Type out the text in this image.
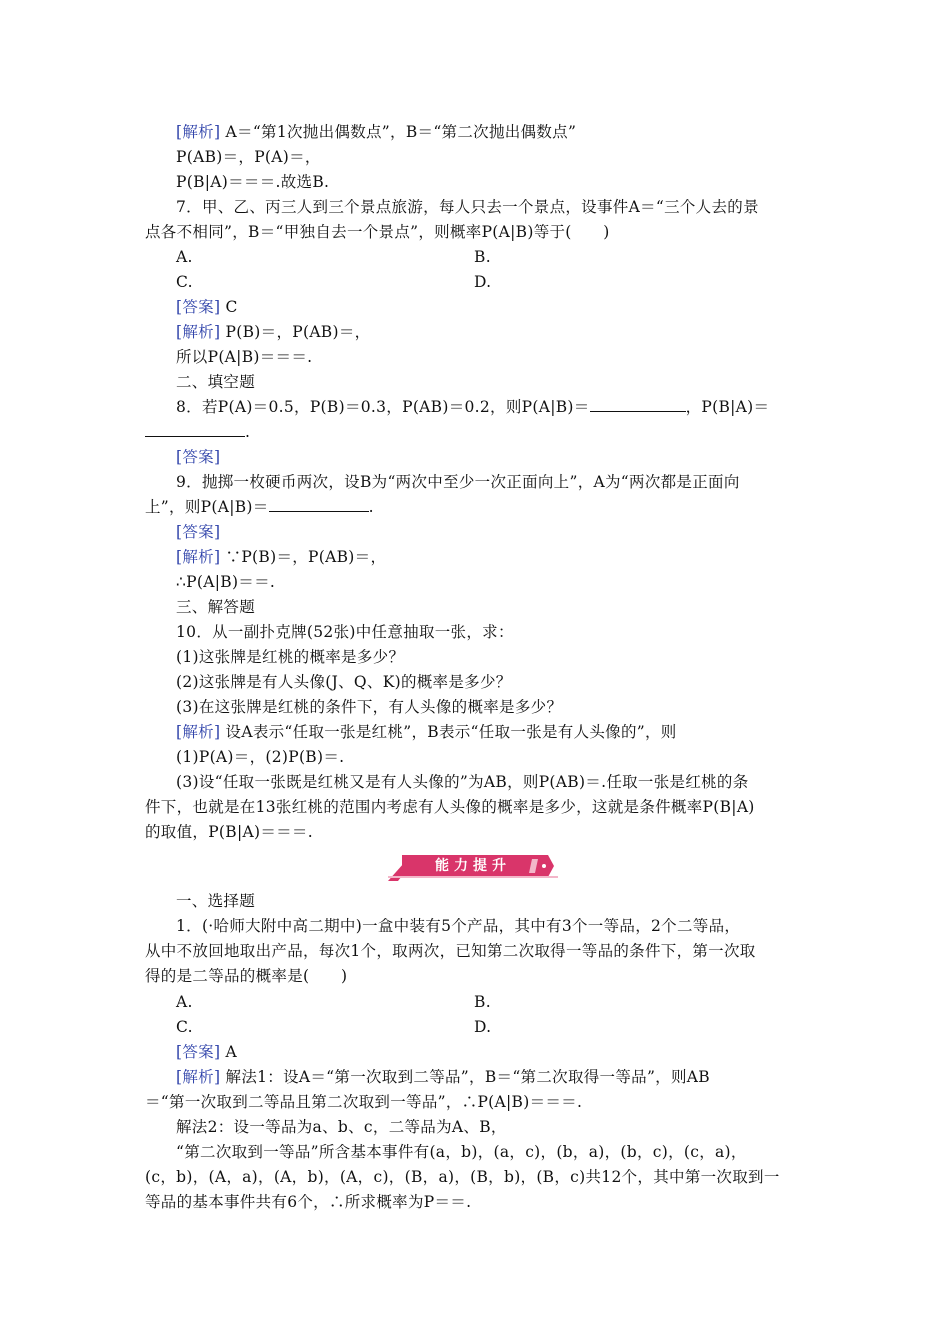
[解析] A＝“第1次抛出偶数点”，B＝“第二次抛出偶数点”
P(AB)＝，P(A)＝，
P(B|A)＝＝＝.故选B.
7．甲、乙、丙三人到三个景点旅游，每人只去一个景点，设事件A＝“三个人去的景
点各不相同”，B＝“甲独自去一个景点”，则概率P(A|B)等于(　　)
A.	B.
C.	D.
[答案] C
[解析] P(B)＝，P(AB)＝，
所以P(A|B)＝＝＝.
二、填空题
8．若P(A)＝0.5，P(B)＝0.3，P(AB)＝0.2，则P(A|B)＝	，P(B|A)＝
.
[答案]
9．抛掷一枚硬币两次，设B为“两次中至少一次正面向上”，A为“两次都是正面向
上”，则P(A|B)＝	.
[答案]
[解析] ∵P(B)＝，P(AB)＝，
∴P(A|B)＝＝.
三、解答题
10．从一副扑克牌(52张)中任意抽取一张，求：
(1)这张牌是红桃的概率是多少？
(2)这张牌是有人头像(J、Q、K)的概率是多少？
(3)在这张牌是红桃的条件下，有人头像的概率是多少？
[解析] 设A表示“任取一张是红桃”，B表示“任取一张是有人头像的”，则
(1)P(A)＝，(2)P(B)＝.
(3)设“任取一张既是红桃又是有人头像的”为AB，则P(AB)＝.任取一张是红桃的条
件下，也就是在13张红桃的范围内考虑有人头像的概率是多少，这就是条件概率P(B|A)
的取值，P(B|A)＝＝＝.
能力提升
一、选择题
1．(·哈师大附中高二期中)一盒中装有5个产品，其中有3个一等品，2个二等品，
从中不放回地取出产品，每次1个，取两次，已知第二次取得一等品的条件下，第一次取
得的是二等品的概率是(　　)
A.	B.
C.	D.
[答案] A
[解析] 解法1：设A＝“第一次取到二等品”，B＝“第二次取得一等品”，则AB
＝“第一次取到二等品且第二次取到一等品”，∴P(A|B)＝＝＝.
解法2：设一等品为a、b、c，二等品为A、B，
“第二次取到一等品”所含基本事件有(a，b)，(a，c)，(b，a)，(b，c)，(c，a)，
(c，b)，(A，a)，(A，b)，(A，c)，(B，a)，(B，b)，(B，c)共12个，其中第一次取到一
等品的基本事件共有6个，∴所求概率为P＝＝.
